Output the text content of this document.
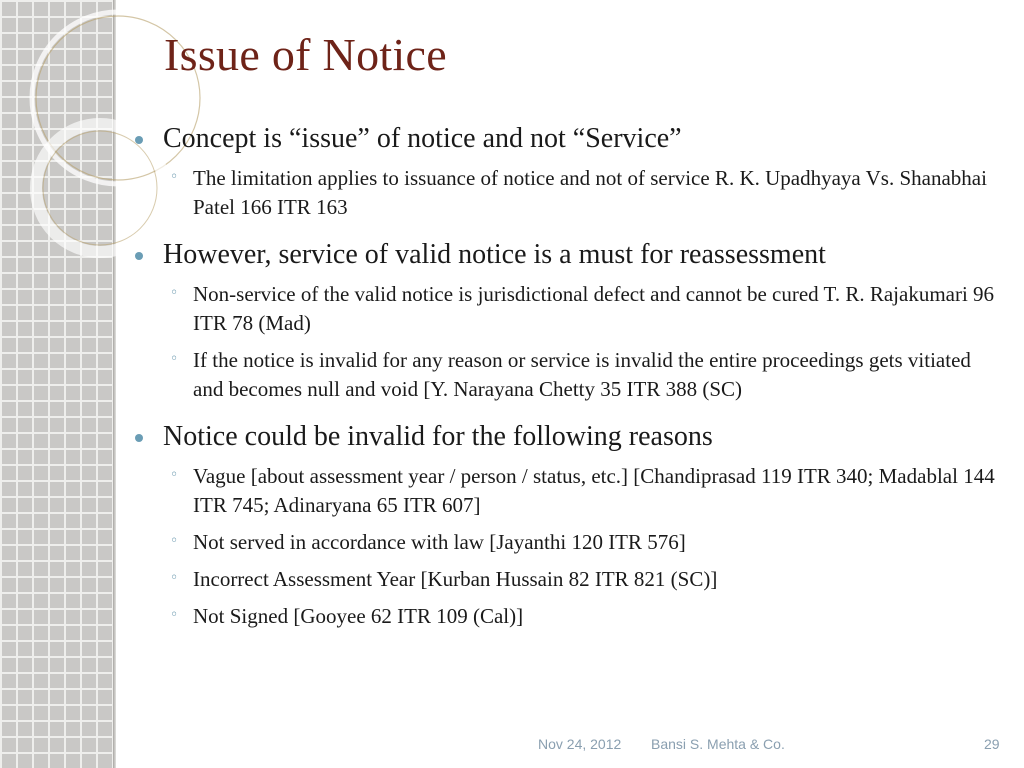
Issue of Notice
Concept is “issue” of notice and not “Service”
◦ The limitation applies to issuance of notice and not of service R. K. Upadhyaya Vs. Shanabhai Patel 166 ITR 163
However, service of valid notice is a must for reassessment
◦ Non-service of the valid notice is jurisdictional defect and cannot be cured T. R. Rajakumari 96 ITR 78 (Mad)
◦ If the notice is invalid for any reason or service is invalid the entire proceedings gets vitiated and becomes null and void [Y. Narayana Chetty 35 ITR 388 (SC)
Notice could be invalid for the following reasons
◦ Vague [about assessment year / person / status, etc.] [Chandiprasad 119 ITR 340; Madablal 144 ITR 745; Adinaryana 65 ITR 607]
◦ Not served in accordance with law [Jayanthi 120 ITR 576]
◦ Incorrect Assessment Year [Kurban Hussain 82 ITR 821 (SC)]
◦ Not Signed [Gooyee 62 ITR 109 (Cal)]
Nov 24, 2012 Bansi S. Mehta & Co.	29
